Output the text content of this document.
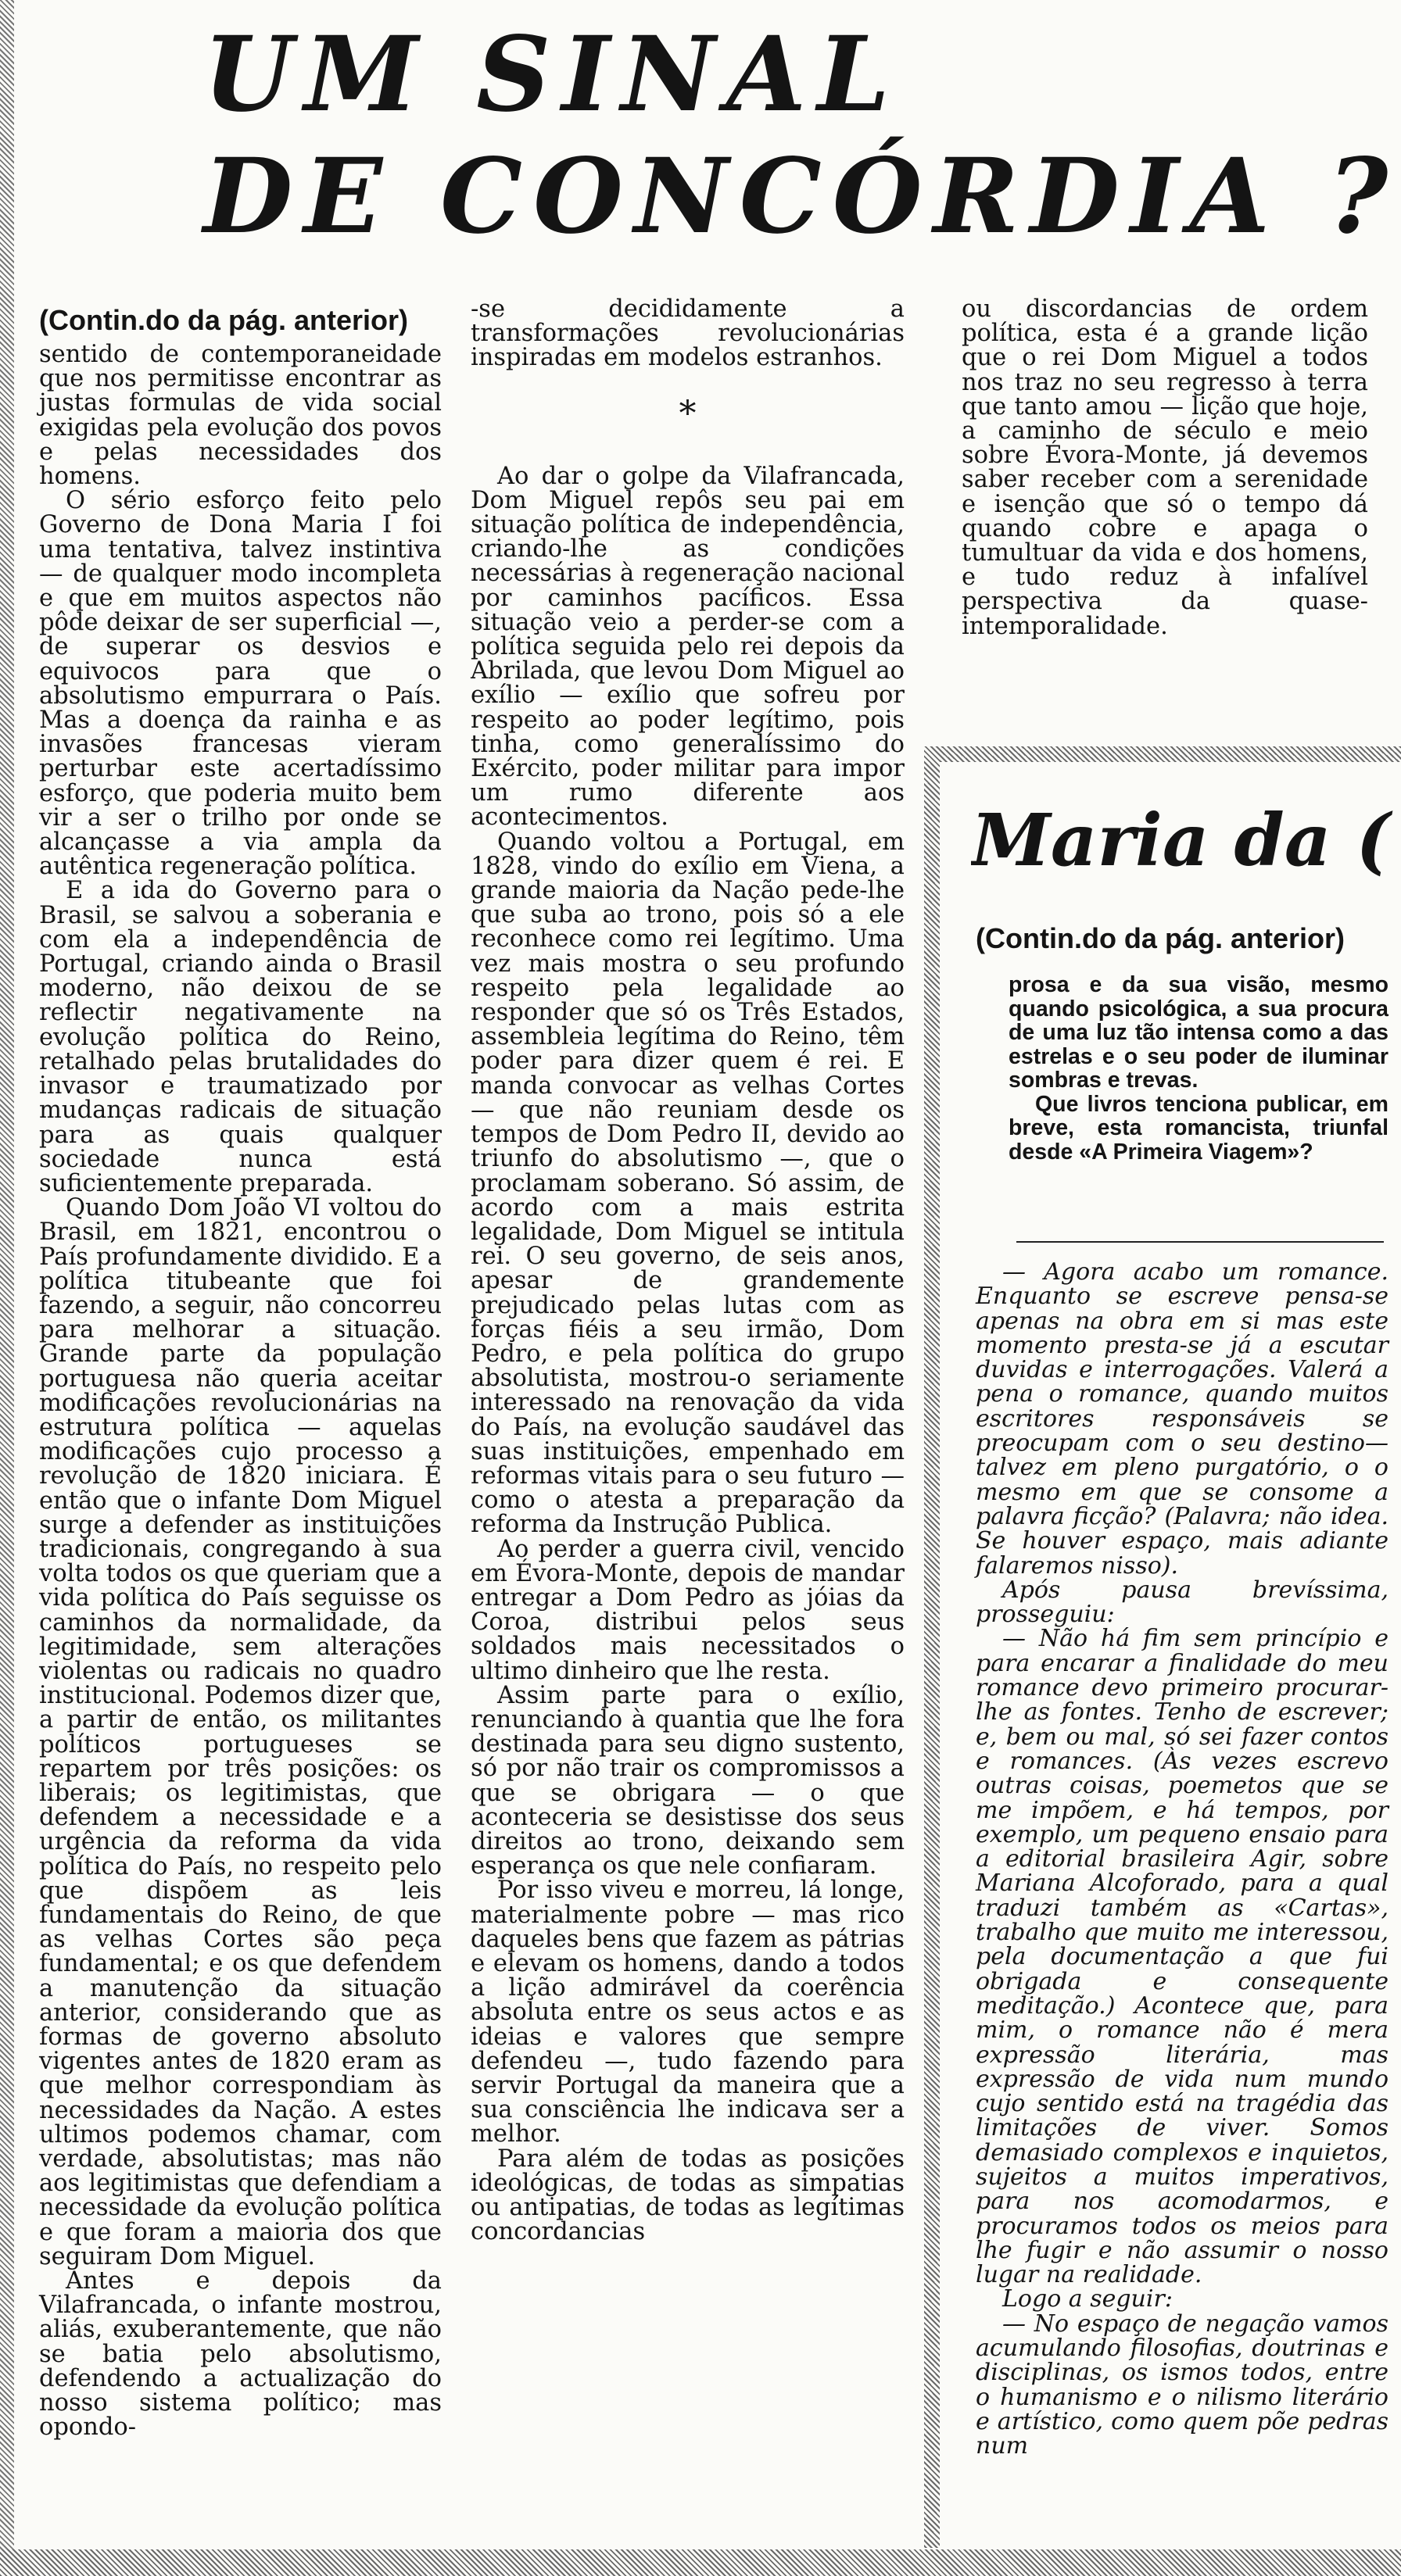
UM SINAL
DE CONCÓRDIA ?
(Contin.do da pág. anterior)

sentido de contemporaneidade que nos permitisse encontrar as justas formulas de vida social exigidas pela evolução dos povos e pelas necessidades dos homens.

O sério esforço feito pelo Governo de Dona Maria I foi uma tentativa, talvez instintiva — de qualquer modo incompleta e que em muitos aspectos não pôde deixar de ser superficial —, de superar os desvios e equivocos para que o absolutismo empurrara o País. Mas a doença da rainha e as invasões francesas vieram perturbar este acertadíssimo esforço, que poderia muito bem vir a ser o trilho por onde se alcançasse a via ampla da autêntica regeneração política.

E a ida do Governo para o Brasil, se salvou a soberania e com ela a independência de Portugal, criando ainda o Brasil moderno, não deixou de se reflectir negativamente na evolução política do Reino, retalhado pelas brutalidades do invasor e traumatizado por mudanças radicais de situação para as quais qualquer sociedade nunca está suficientemente preparada.

Quando Dom João VI voltou do Brasil, em 1821, encontrou o País profundamente dividido. E a política titubeante que foi fazendo, a seguir, não concorreu para melhorar a situação. Grande parte da população portuguesa não queria aceitar modificações revolucionárias na estrutura política — aquelas modificações cujo processo a revolução de 1820 iniciara. É então que o infante Dom Miguel surge a defender as instituições tradicionais, congregando à sua volta todos os que queriam que a vida política do País seguisse os caminhos da normalidade, da legitimidade, sem alterações violentas ou radicais no quadro institucional. Podemos dizer que, a partir de então, os militantes políticos portugueses se repartem por três posições: os liberais; os legitimistas, que defendem a necessidade e a urgência da reforma da vida política do País, no respeito pelo que dispõem as leis fundamentais do Reino, de que as velhas Cortes são peça fundamental; e os que defendem a manutenção da situação anterior, considerando que as formas de governo absoluto vigentes antes de 1820 eram as que melhor correspondiam às necessidades da Nação. A estes ultimos podemos chamar, com verdade, absolutistas; mas não aos legitimistas que defendiam a necessidade da evolução política e que foram a maioria dos que seguiram Dom Miguel.

Antes e depois da Vilafrancada, o infante mostrou, aliás, exuberantemente, que não se batia pelo absolutismo, defendendo a actualização do nosso sistema político; mas opondo-

-se decididamente a transformações revolucionárias inspiradas em modelos estranhos.

*

Ao dar o golpe da Vilafrancada, Dom Miguel repôs seu pai em situação política de independência, criando-lhe as condições necessárias à regeneração nacional por caminhos pacíficos. Essa situação veio a perder-se com a política seguida pelo rei depois da Abrilada, que levou Dom Miguel ao exílio — exílio que sofreu por respeito ao poder legítimo, pois tinha, como generalíssimo do Exército, poder militar para impor um rumo diferente aos acontecimentos.

Quando voltou a Portugal, em 1828, vindo do exílio em Viena, a grande maioria da Nação pede-lhe que suba ao trono, pois só a ele reconhece como rei legítimo. Uma vez mais mostra o seu profundo respeito pela legalidade ao responder que só os Três Estados, assembleia legítima do Reino, têm poder para dizer quem é rei. E manda convocar as velhas Cortes — que não reuniam desde os tempos de Dom Pedro II, devido ao triunfo do absolutismo —, que o proclamam soberano. Só assim, de acordo com a mais estrita legalidade, Dom Miguel se intitula rei. O seu governo, de seis anos, apesar de grandemente prejudicado pelas lutas com as forças fiéis a seu irmão, Dom Pedro, e pela política do grupo absolutista, mostrou-o seriamente interessado na renovação da vida do País, na evolução saudável das suas instituições, empenhado em reformas vitais para o seu futuro — como o atesta a preparação da reforma da Instrução Publica.

Ao perder a guerra civil, vencido em Évora-Monte, depois de mandar entregar a Dom Pedro as jóias da Coroa, distribui pelos seus soldados mais necessitados o ultimo dinheiro que lhe resta.

Assim parte para o exílio, renunciando à quantia que lhe fora destinada para seu digno sustento, só por não trair os compromissos a que se obrigara — o que aconteceria se desistisse dos seus direitos ao trono, deixando sem esperança os que nele confiaram.

Por isso viveu e morreu, lá longe, materialmente pobre — mas rico daqueles bens que fazem as pátrias e elevam os homens, dando a todos a lição admirável da coerência absoluta entre os seus actos e as ideias e valores que sempre defendeu —, tudo fazendo para servir Portugal da maneira que a sua consciência lhe indicava ser a melhor.

Para além de todas as posições ideológicas, de todas as simpatias ou antipatias, de todas as legítimas concordancias

ou discordancias de ordem política, esta é a grande lição que o rei Dom Miguel a todos nos traz no seu regresso à terra que tanto amou — lição que hoje, a caminho de século e meio sobre Évora-Monte, já devemos saber receber com a serenidade e isenção que só o tempo dá quando cobre e apaga o tumultuar da vida e dos homens, e tudo reduz à infalível perspectiva da quase-intemporalidade.

Maria da (
(Contin.do da pág. anterior)

prosa e da sua visão, mesmo quando psicológica, a sua procura de uma luz tão intensa como a das estrelas e o seu poder de iluminar sombras e trevas.

Que livros tenciona publicar, em breve, esta romancista, triunfal desde «A Primeira Viagem»?

— Agora acabo um romance. Enquanto se escreve pensa-se apenas na obra em si mas este momento presta-se já a escutar duvidas e interrogações. Valerá a pena o romance, quando muitos escritores responsáveis se preocupam com o seu destino— talvez em pleno purgatório, o o mesmo em que se consome a palavra ficção? (Palavra; não idea. Se houver espaço, mais adiante falaremos nisso).

Após pausa brevíssima, prosseguiu:

— Não há fim sem princípio e para encarar a finalidade do meu romance devo primeiro procurar-lhe as fontes. Tenho de escrever; e, bem ou mal, só sei fazer contos e romances. (Às vezes escrevo outras coisas, poemetos que se me impõem, e há tempos, por exemplo, um pequeno ensaio para a editorial brasileira Agir, sobre Mariana Alcoforado, para a qual traduzi também as «Cartas», trabalho que muito me interessou, pela documentação a que fui obrigada e consequente meditação.) Acontece que, para mim, o romance não é mera expressão literária, mas expressão de vida num mundo cujo sentido está na tragédia das limitações de viver. Somos demasiado complexos e inquietos, sujeitos a muitos imperativos, para nos acomodarmos, e procuramos todos os meios para lhe fugir e não assumir o nosso lugar na realidade.

Logo a seguir:

— No espaço de negação vamos acumulando filosofias, doutrinas e disciplinas, os ismos todos, entre o humanismo e o nilismo literário e artístico, como quem põe pedras num
